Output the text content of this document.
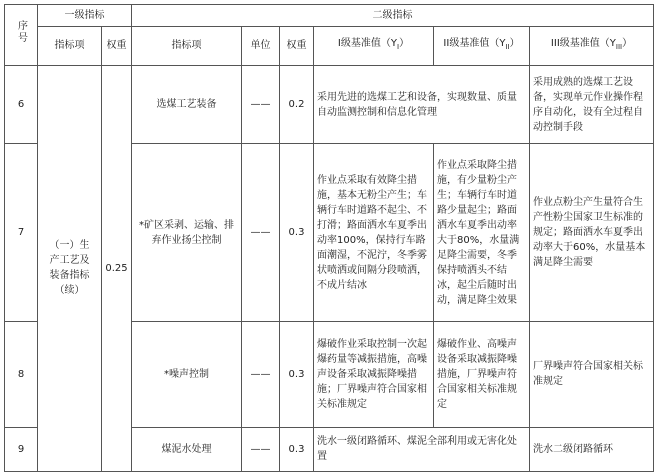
序号	一级指标		二级指标					
	指标项	权重	指标项	单位	权重	I级基准值$(Y_I)$	II级基准值$(Y_{II})$	III级基准值$(Y_{III})$
6	（一）生产工艺及装备指标（续）	0.25	选煤工艺装备	——	0.2	采用先进的选煤工艺和设备，实现数量、质量自动监测控制和信息化管理		采用成熟的选煤工艺设备，实现单元作业操作程序自动化，设有全过程自动控制手段
7			*矿区采剥、运输、排弃作业扬尘控制	——	0.3	作业点采取有效降尘措施，基本无粉尘产生；车辆行车时道路不起尘、不打滑；路面洒水车夏季出动率100%，保持行车路面潮湿，不泥泞，冬季雾状喷洒或间隔分段喷洒，不成片结冰	作业点采取降尘措施，有少量粉尘产生；车辆行车时道路少量起尘；路面洒水车夏季出动率大于80%，水量满足降尘需要，冬季保持喷洒头不结冰，起尘后随时出动，满足降尘效果	作业点粉尘产生量符合生产性粉尘国家卫生标准的规定；路面洒水车夏季出动率大于60%，水量基本满足降尘需要
8			*噪声控制	——	0.3	爆破作业采取控制一次起爆药量等减振措施，高噪声设备采取减振降噪措施；厂界噪声符合国家相关标准规定	爆破作业、高噪声设备采取减振降噪措施，厂界噪声符合国家相关标准规定	厂界噪声符合国家相关标准规定
9			煤泥水处理	——	0.3	洗水一级闭路循环、煤泥全部利用或无害化处置		洗水二级闭路循环
